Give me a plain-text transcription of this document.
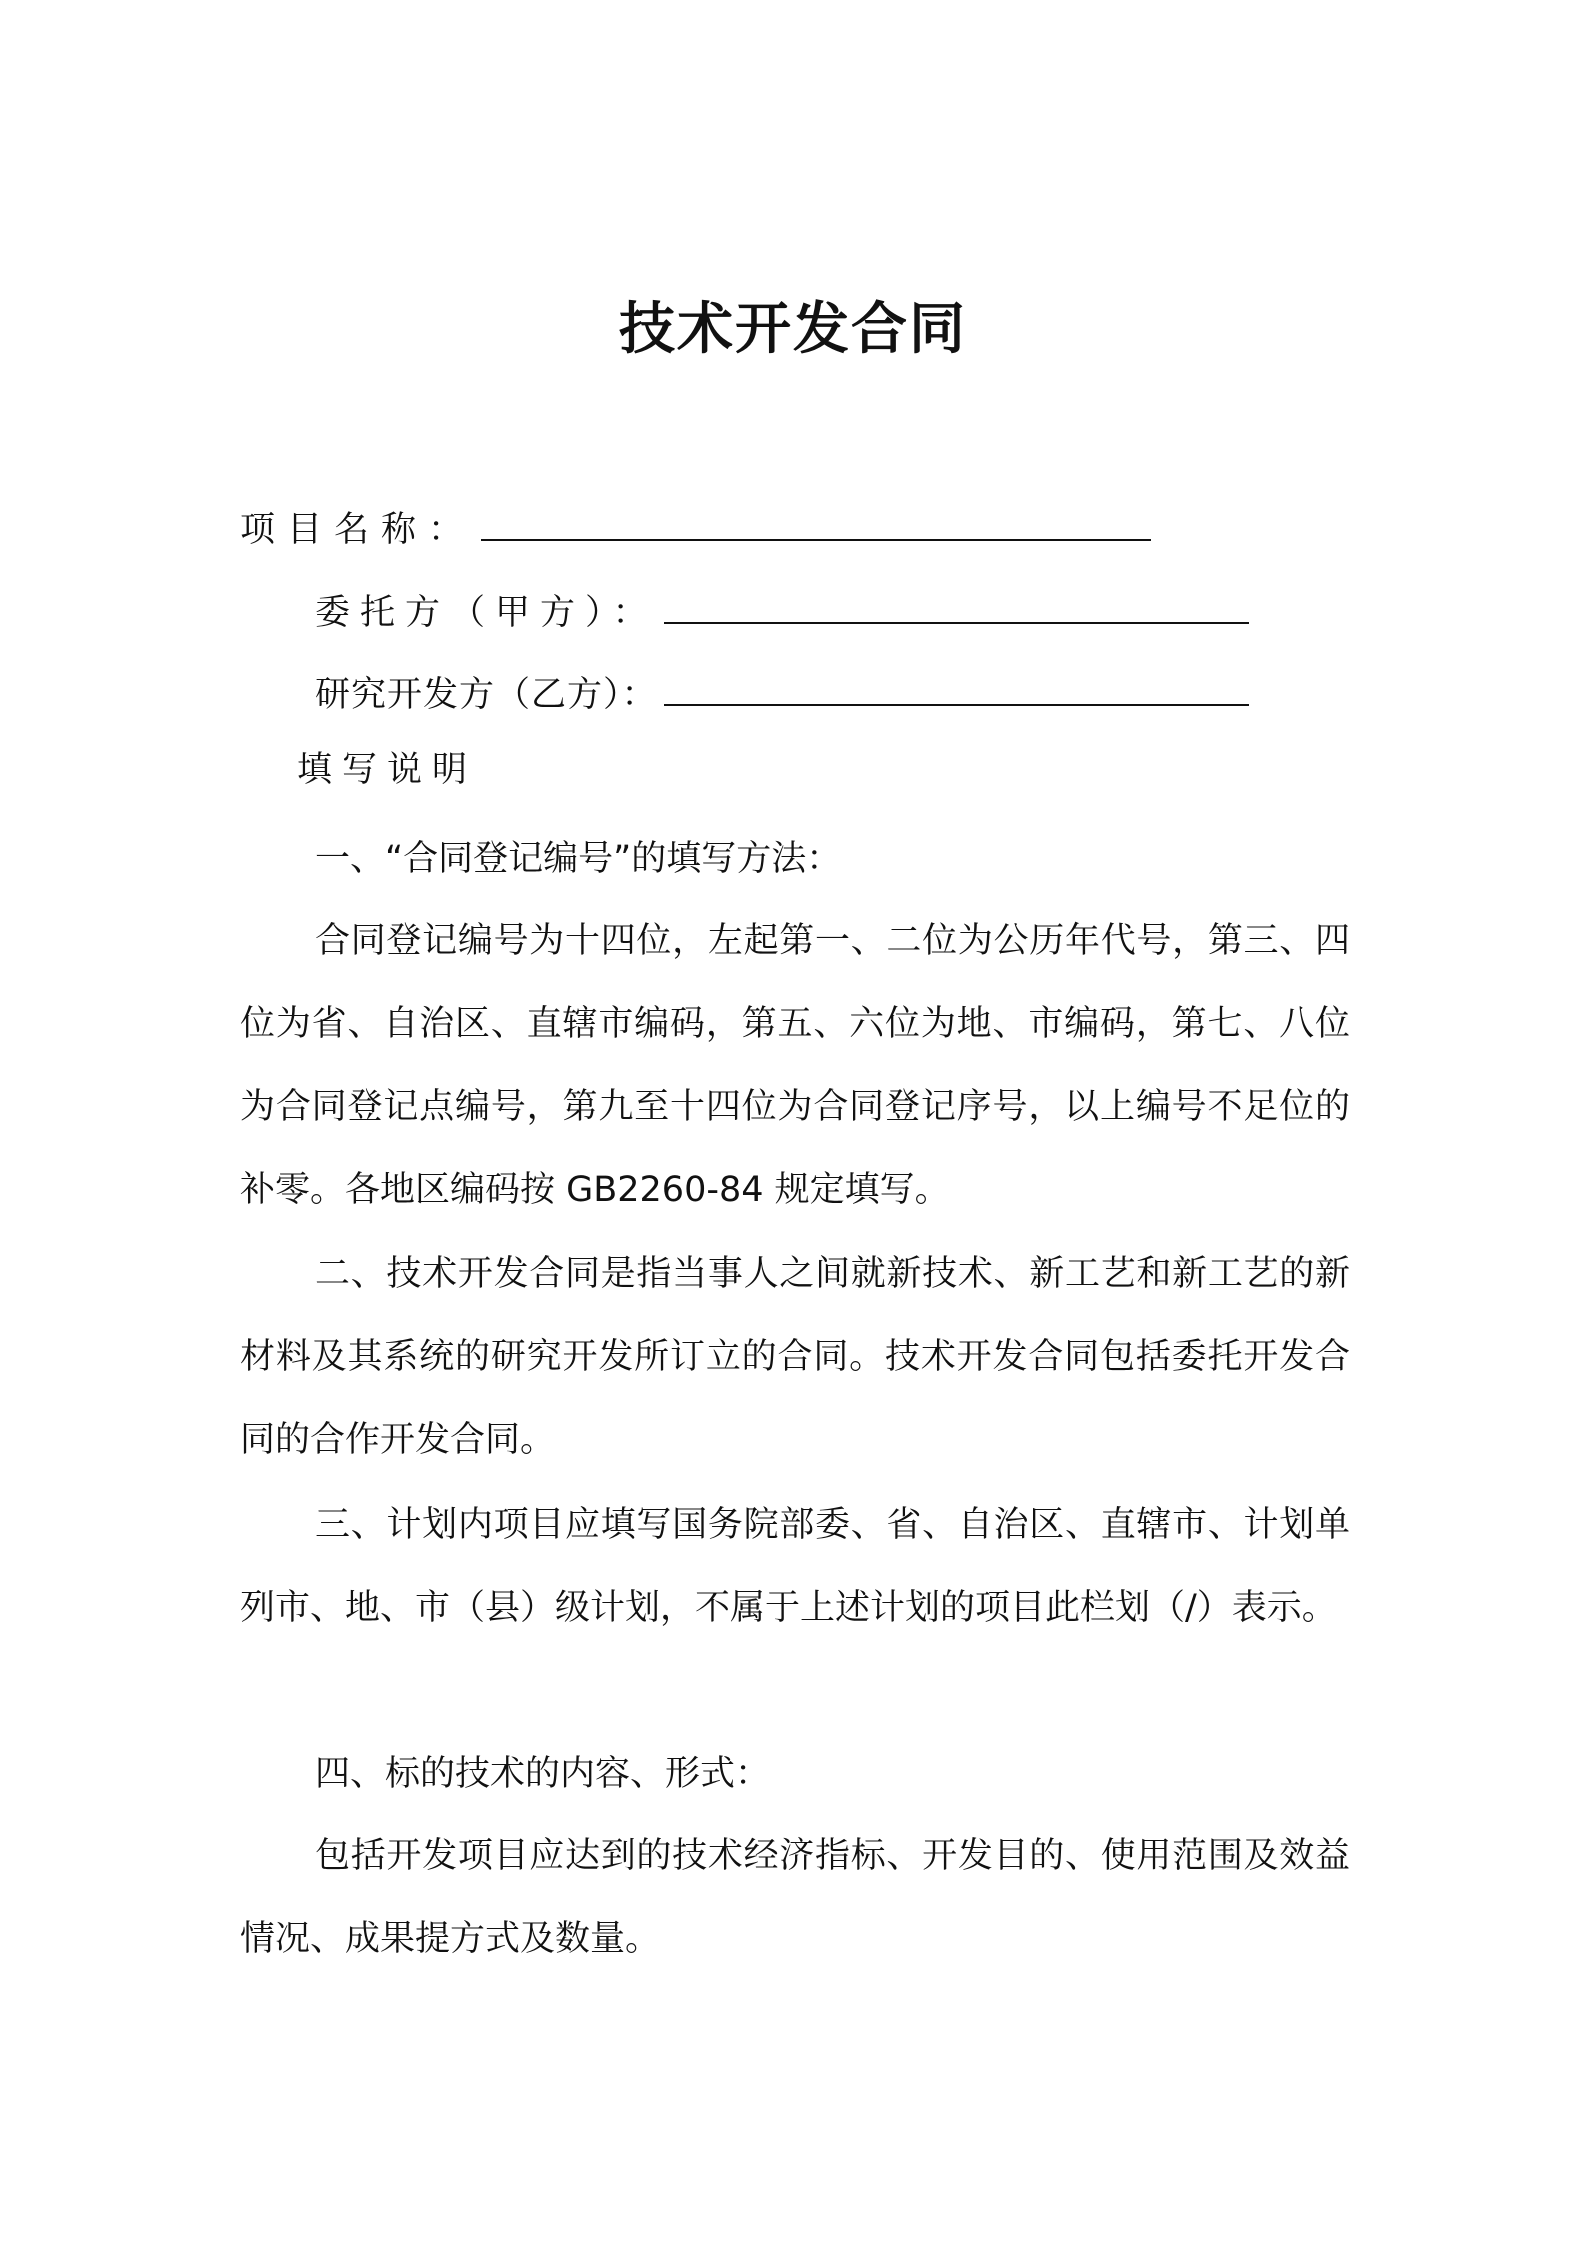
技术开发合同
项目名称：
委托方（甲方）：
研究开发方（乙方）：
填写说明

一、“合同登记编号”的填写方法：

合同登记编号为十四位，左起第一、二位为公历年代号，第三、四位为省、自治区、直辖市编码，第五、六位为地、市编码，第七、八位为合同登记点编号，第九至十四位为合同登记序号，以上编号不足位的补零。各地区编码按 GB2260-84 规定填写。

二、技术开发合同是指当事人之间就新技术、新工艺和新工艺的新材料及其系统的研究开发所订立的合同。技术开发合同包括委托开发合同的合作开发合同。

三、计划内项目应填写国务院部委、省、自治区、直辖市、计划单列市、地、市（县）级计划，不属于上述计划的项目此栏划（/）表示。

四、标的技术的内容、形式：

包括开发项目应达到的技术经济指标、开发目的、使用范围及效益情况、成果提方式及数量。
